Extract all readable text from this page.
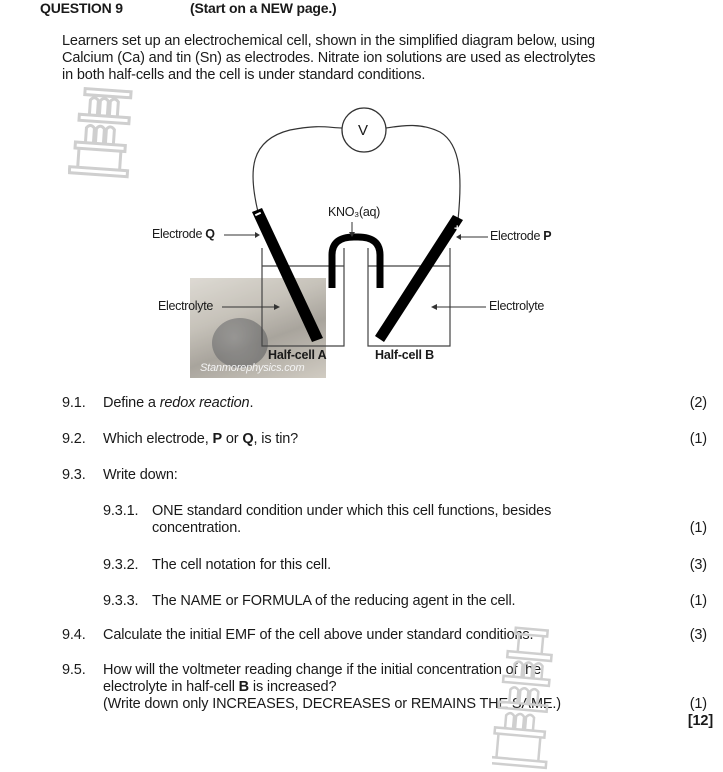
QUESTION 9	(Start on a NEW page.)
Learners set up an electrochemical cell, shown in the simplified diagram below, using
Calcium (Ca) and tin (Sn) as electrodes. Nitrate ion solutions are used as electrolytes
in both half-cells and the cell is under standard conditions.
Stanmorephysics.com
+
V
KNO₃(aq)
Electrode Q	Electrode P
Electrolyte	Electrolyte
Half-cell A	Half-cell B
9.1. Define a redox reaction.	(2)
9.2. Which electrode, P or Q, is tin?	(1)
9.3. Write down:
9.3.1. ONE standard condition under which this cell functions, besides
concentration.	(1)
9.3.2. The cell notation for this cell.	(3)
9.3.3. The NAME or FORMULA of the reducing agent in the cell.	(1)
9.4. Calculate the initial EMF of the cell above under standard conditions.	(3)
9.5. How will the voltmeter reading change if the initial concentration of the
electrolyte in half-cell B is increased?
(Write down only INCREASES, DECREASES or REMAINS THE SAME.)	(1)
[12]
